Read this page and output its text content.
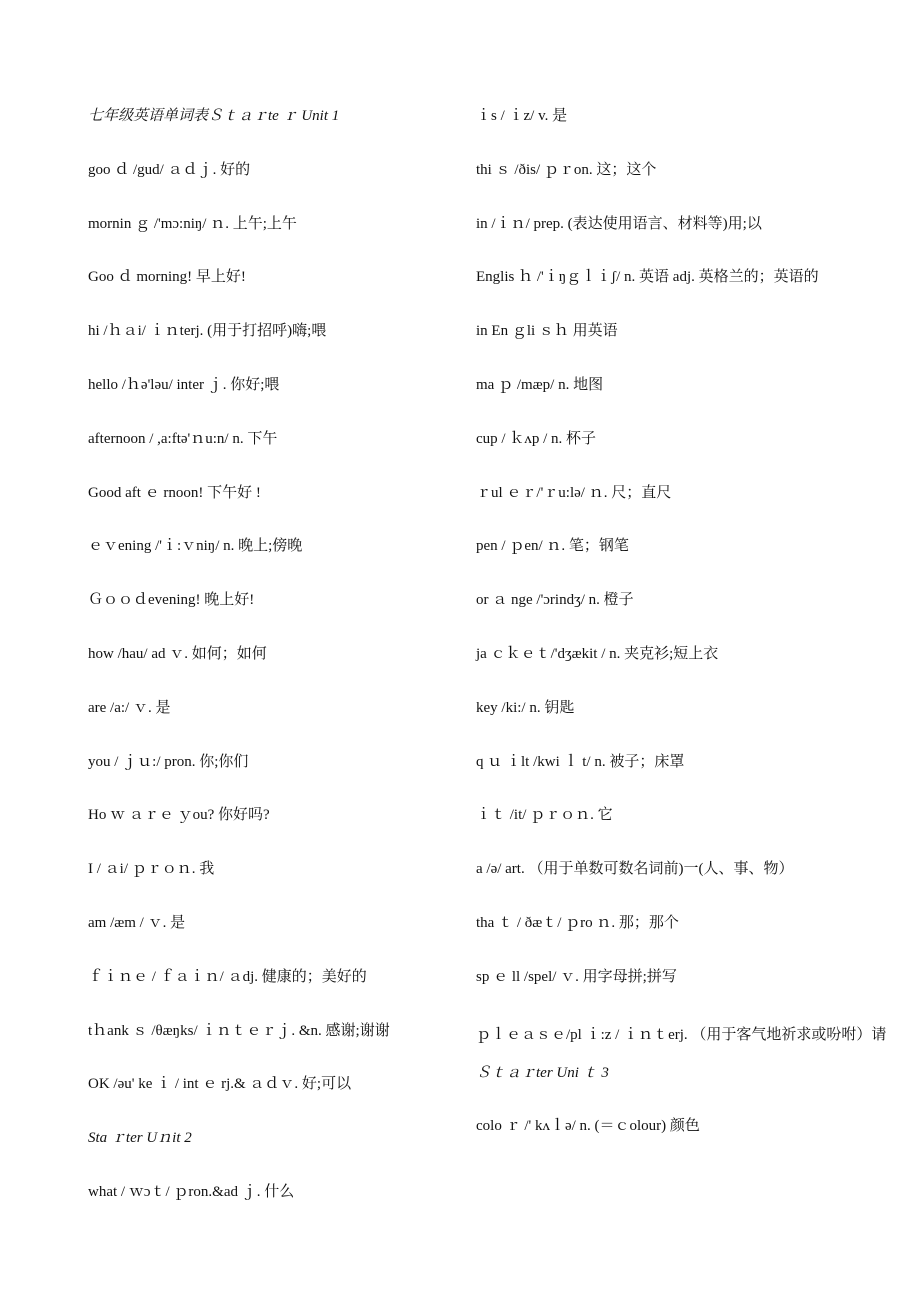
七年级英语单词表Ｓｔａｒte ｒ Unit 1
goo ｄ /gud/ ａｄｊ. 好的
mornin ｇ /'mɔ:niŋ/ ｎ. 上午;上午
Goo ｄ morning! 早上好!
hi /ｈａi/ ｉｎterj. (用于打招呼)嗨;喂
hello /ｈə'ləu/ inter ｊ. 你好;喂
afternoon / ,a:ftə'ｎu:n/ n. 下午
Good aft ｅ rnoon! 下午好 !
ｅｖening /'ｉ:ｖniŋ/ n. 晚上;傍晚
Ｇｏｏｄevening! 晚上好!
how /hau/ ad ｖ. 如何；如何
are /a:/ ｖ. 是
you / ｊｕ:/ pron. 你;你们
Ho ｗ ａｒｅ ｙou? 你好吗?
I / ａi/ ｐｒｏｎ. 我
am /æm / ｖ. 是
ｆｉｎｅ / ｆａｉｎ/ ａdj. 健康的；美好的
tｈank ｓ /θæŋks/ ｉｎｔｅｒｊ. &n. 感谢;谢谢
OK /əu' ke ｉ / int ｅ rj.& ａｄｖ. 好;可以
Sta ｒter Uｎit 2
what / ｗɔｔ/ ｐron.&ad ｊ. 什么
ｉs / ｉz/ v. 是
thi ｓ /ðis/ ｐｒon. 这；这个
in /ｉｎ/ prep. (表达使用语言、材料等)用;以
Englis ｈ /'ｉŋｇｌｉʃ/ n. 英语 adj. 英格兰的；英语的
in En ｇli ｓｈ 用英语
ma ｐ /mæp/ n. 地图
cup / ｋʌp / n. 杯子
ｒul ｅｒ/'ｒu:lə/ ｎ. 尺；直尺
pen / ｐen/ ｎ. 笔；钢笔
or ａ nge /'ɔrindʒ/ n. 橙子
ja ｃｋｅｔ/'dʒækit / n. 夹克衫;短上衣
key /ki:/ n. 钥匙
q ｕ ｉlt /kwi ｌ t/ n. 被子；床罩
ｉｔ /it/ ｐｒｏｎ. 它
a /ə/ art. （用于单数可数名词前)一(人、事、物）
tha ｔ / ðæｔ/ ｐro ｎ. 那；那个
sp ｅ ll /spel/ ｖ. 用字母拼;拼写
ｐｌｅａｓｅ/pl ｉ:z / ｉｎｔerj. （用于客气地祈求或吩咐）请
Ｓｔａｒter Uni ｔ 3
colo ｒ /' kʌｌə/ n. (＝ｃolour) 颜色
